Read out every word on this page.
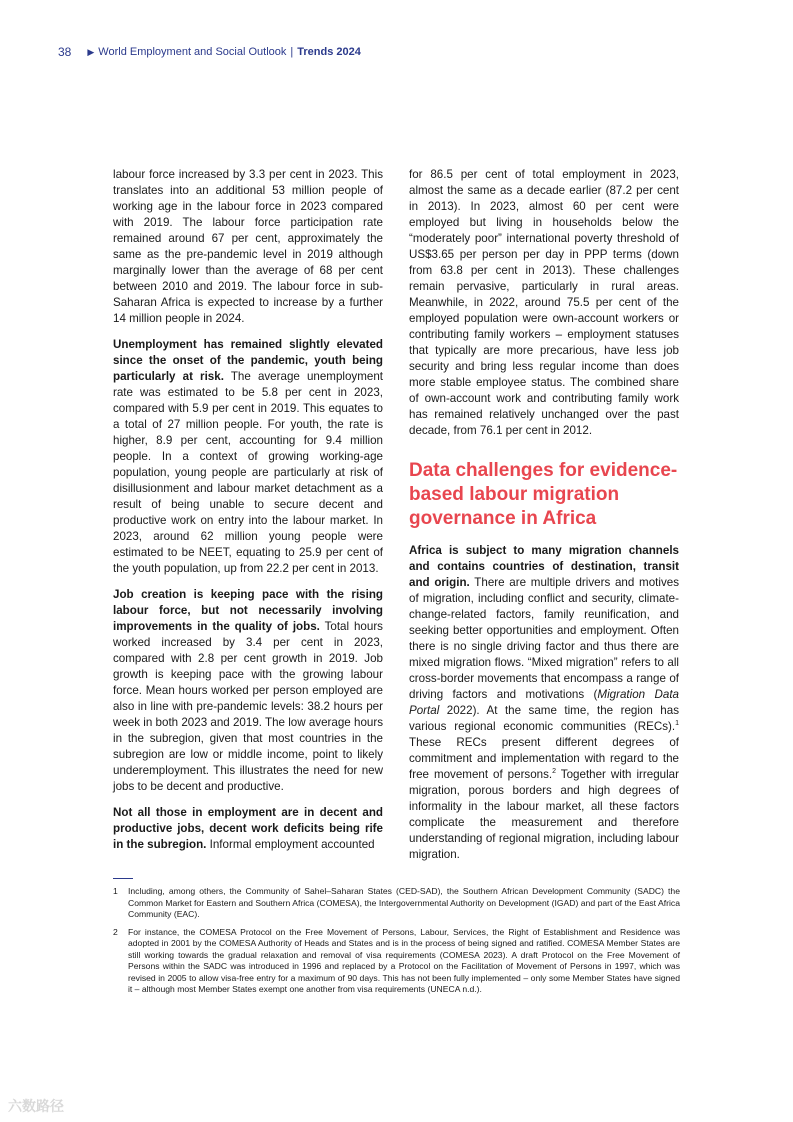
38 ▶ World Employment and Social Outlook | Trends 2024

labour force increased by 3.3 per cent in 2023. This translates into an additional 53 million people of working age in the labour force in 2023 compared with 2019. The labour force participation rate remained around 67 per cent, approximately the same as the pre-pandemic level in 2019 although marginally lower than the average of 68 per cent between 2010 and 2019. The labour force in sub-Saharan Africa is expected to increase by a further 14 million people in 2024.

Unemployment has remained slightly elevated since the onset of the pandemic, youth being particularly at risk. The average unemployment rate was estimated to be 5.8 per cent in 2023, compared with 5.9 per cent in 2019. This equates to a total of 27 million people. For youth, the rate is higher, 8.9 per cent, accounting for 9.4 million people. In a context of growing working-age population, young people are particularly at risk of disillusionment and labour market detachment as a result of being unable to secure decent and productive work on entry into the labour market. In 2023, around 62 million young people were estimated to be NEET, equating to 25.9 per cent of the youth population, up from 22.2 per cent in 2013.

Job creation is keeping pace with the rising labour force, but not necessarily involving improvements in the quality of jobs. Total hours worked increased by 3.4 per cent in 2023, compared with 2.8 per cent growth in 2019. Job growth is keeping pace with the growing labour force. Mean hours worked per person employed are also in line with pre-pandemic levels: 38.2 hours per week in both 2023 and 2019. The low average hours in the subregion, given that most countries in the subregion are low or middle income, point to likely underemployment. This illustrates the need for new jobs to be decent and productive.

Not all those in employment are in decent and productive jobs, decent work deficits being rife in the subregion. Informal employment accounted

for 86.5 per cent of total employment in 2023, almost the same as a decade earlier (87.2 per cent in 2013). In 2023, almost 60 per cent were employed but living in households below the “moderately poor” international poverty threshold of US$3.65 per person per day in PPP terms (down from 63.8 per cent in 2013). These challenges remain pervasive, particularly in rural areas. Meanwhile, in 2022, around 75.5 per cent of the employed population were own-account workers or contributing family workers – employment statuses that typically are more precarious, have less job security and bring less regular income than does more stable employee status. The combined share of own-account work and contributing family work has remained relatively unchanged over the past decade, from 76.1 per cent in 2012.

Data challenges for evidence-based labour migration governance in Africa

Africa is subject to many migration channels and contains countries of destination, transit and origin. There are multiple drivers and motives of migration, including conflict and security, climate-change-related factors, family reunification, and seeking better opportunities and employment. Often there is no single driving factor and thus there are mixed migration flows. “Mixed migration” refers to all cross-border movements that encompass a range of driving factors and motivations (Migration Data Portal 2022). At the same time, the region has various regional economic communities (RECs).$^1$ These RECs present different degrees of commitment and implementation with regard to the free movement of persons.$^2$ Together with irregular migration, porous borders and high degrees of informality in the labour market, all these factors complicate the measurement and therefore understanding of regional migration, including labour migration.

1	Including, among others, the Community of Sahel–Saharan States (CED-SAD), the Southern African Development Community (SADC) the Common Market for Eastern and Southern Africa (COMESA), the Intergovernmental Authority on Development (IGAD) and part of the East Africa Community (EAC).
2	For instance, the COMESA Protocol on the Free Movement of Persons, Labour, Services, the Right of Establishment and Residence was adopted in 2001 by the COMESA Authority of Heads and States and is in the process of being signed and ratified. COMESA Member States are still working towards the gradual relaxation and removal of visa requirements (COMESA 2023). A draft Protocol on the Free Movement of Persons within the SADC was introduced in 1996 and replaced by a Protocol on the Facilitation of Movement of Persons in 1997, which was revised in 2005 to allow visa-free entry for a maximum of 90 days. This has not been fully implemented – only some Member States have signed it – although most Member States exempt one another from visa requirements (UNECA n.d.).
六数路径
